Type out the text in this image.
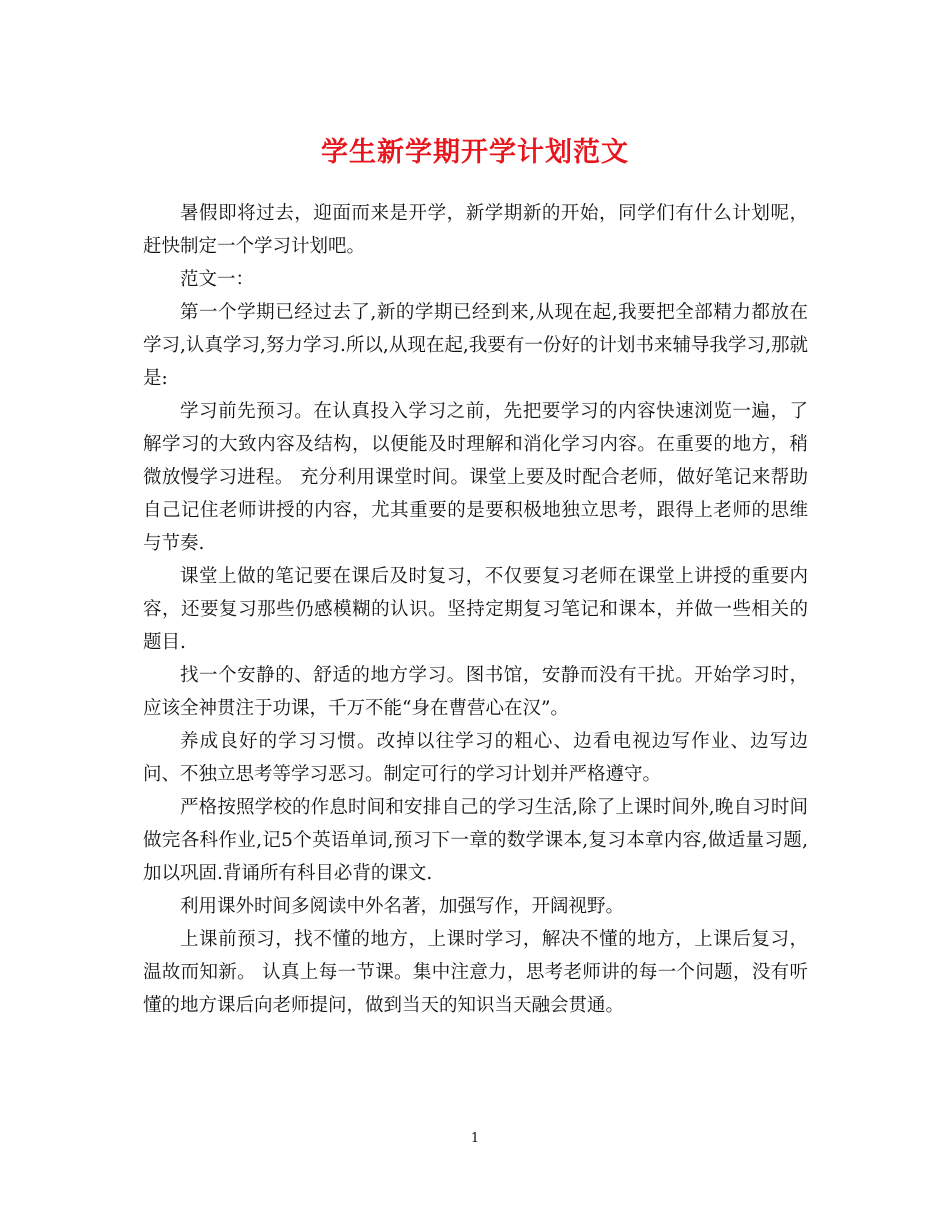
学生新学期开学计划范文

暑假即将过去，迎面而来是开学，新学期新的开始，同学们有什么计划呢，赶快制定一个学习计划吧。

范文一：

第一个学期已经过去了,新的学期已经到来,从现在起,我要把全部精力都放在学习,认真学习,努力学习.所以,从现在起,我要有一份好的计划书来辅导我学习,那就是:

学习前先预习。在认真投入学习之前，先把要学习的内容快速浏览一遍，了解学习的大致内容及结构，以便能及时理解和消化学习内容。在重要的地方，稍微放慢学习进程。 充分利用课堂时间。课堂上要及时配合老师，做好笔记来帮助自己记住老师讲授的内容，尤其重要的是要积极地独立思考，跟得上老师的思维与节奏.

课堂上做的笔记要在课后及时复习，不仅要复习老师在课堂上讲授的重要内容，还要复习那些仍感模糊的认识。坚持定期复习笔记和课本，并做一些相关的题目.

找一个安静的、舒适的地方学习。图书馆，安静而没有干扰。开始学习时，应该全神贯注于功课，千万不能“身在曹营心在汉”。

养成良好的学习习惯。改掉以往学习的粗心、边看电视边写作业、边写边问、不独立思考等学习恶习。制定可行的学习计划并严格遵守。

严格按照学校的作息时间和安排自己的学习生活,除了上课时间外,晚自习时间做完各科作业,记5个英语单词,预习下一章的数学课本,复习本章内容,做适量习题,加以巩固.背诵所有科目必背的课文.

利用课外时间多阅读中外名著，加强写作，开阔视野。

上课前预习，找不懂的地方，上课时学习，解决不懂的地方，上课后复习，温故而知新。 认真上每一节课。集中注意力，思考老师讲的每一个问题，没有听懂的地方课后向老师提问，做到当天的知识当天融会贯通。

1
